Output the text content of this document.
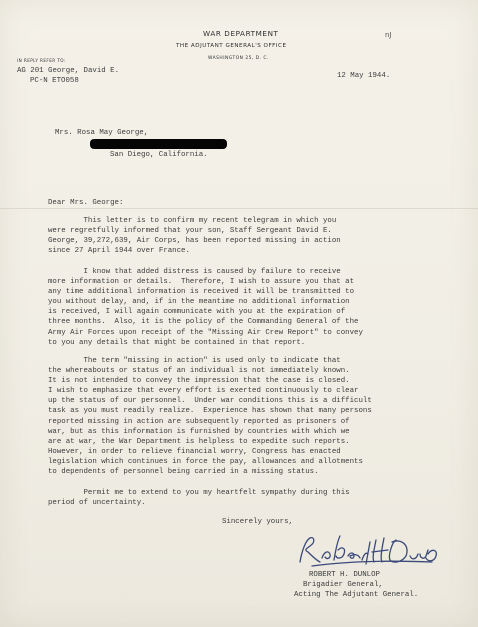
WAR DEPARTMENT
THE ADJUTANT GENERAL'S OFFICE
WASHINGTON 25, D. C.
nJ
IN REPLY REFER TO:
AG 201 George, David E.
PC-N ETO058
12 May 1944.
Mrs. Rosa May George,
San Diego, California.
Dear Mrs. George:
This letter is to confirm my recent telegram in which you
were regretfully informed that your son, Staff Sergeant David E.
George, 39,272,639, Air Corps, has been reported missing in action
since 27 April 1944 over France.
I know that added distress is caused by failure to receive
more information or details.  Therefore, I wish to assure you that at
any time additional information is received it will be transmitted to
you without delay, and, if in the meantime no additional information
is received, I will again communicate with you at the expiration of
three months.  Also, it is the policy of the Commanding General of the
Army Air Forces upon receipt of the "Missing Air Crew Report" to convey
to you any details that might be contained in that report.
The term "missing in action" is used only to indicate that
the whereabouts or status of an individual is not immediately known.
It is not intended to convey the impression that the case is closed.
I wish to emphasize that every effort is exerted continuously to clear
up the status of our personnel.  Under war conditions this is a difficult
task as you must readily realize.  Experience has shown that many persons
reported missing in action are subsequently reported as prisoners of
war, but as this information is furnished by countries with which we
are at war, the War Department is helpless to expedite such reports.
However, in order to relieve financial worry, Congress has enacted
legislation which continues in force the pay, allowances and allotments
to dependents of personnel being carried in a missing status.
Permit me to extend to you my heartfelt sympathy during this
period of uncertainty.
Sincerely yours,
ROBERT H. DUNLOP
Brigadier General,
Acting The Adjutant General.
